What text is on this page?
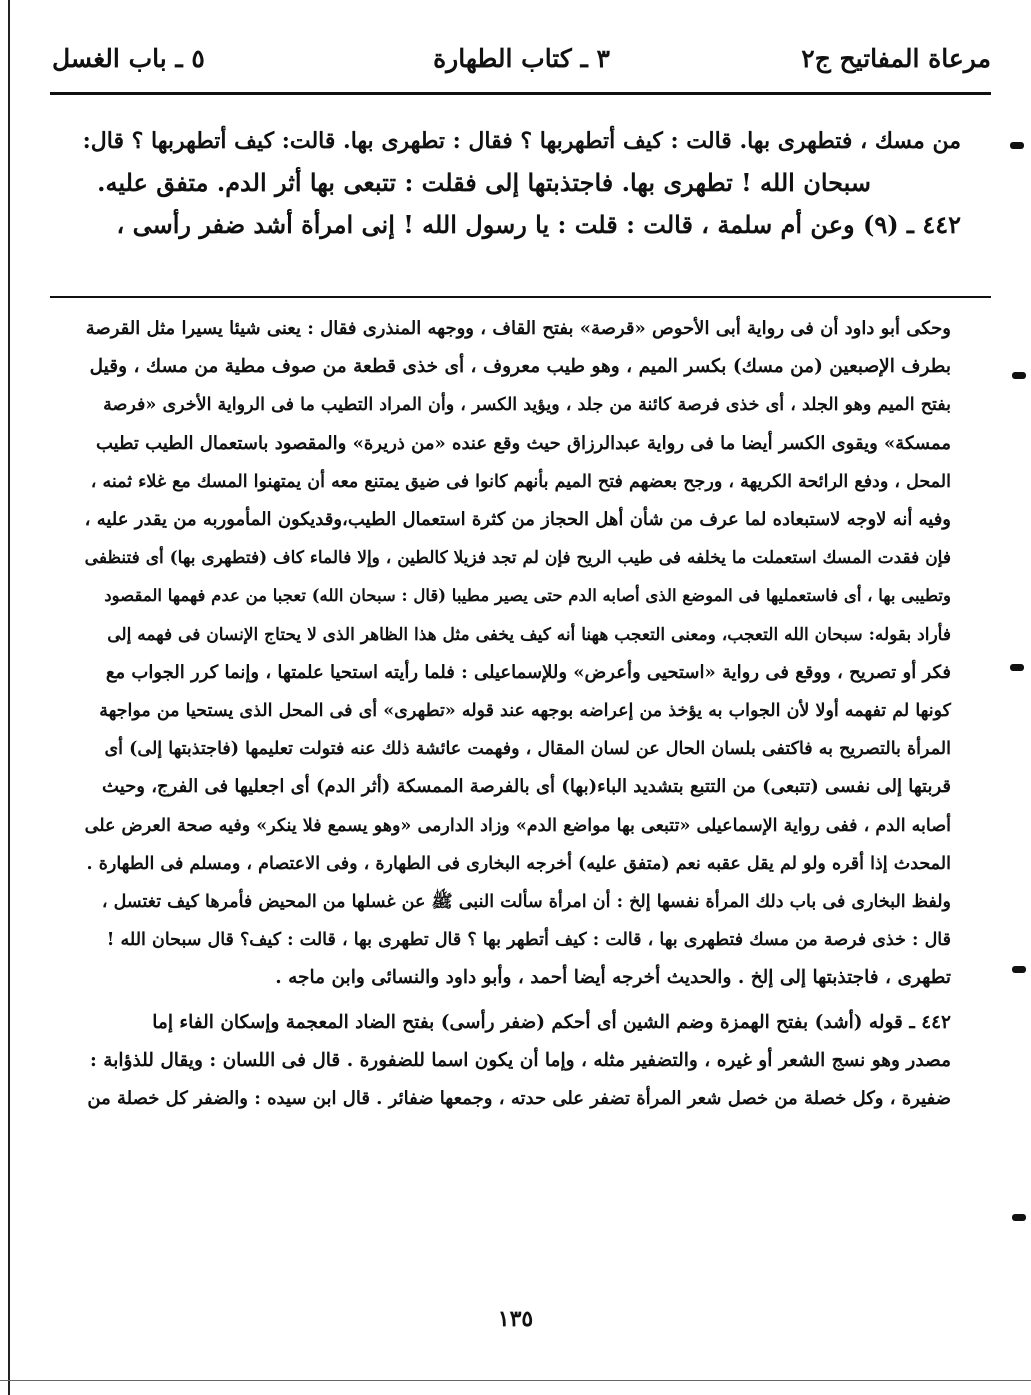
مرعاة المفاتيح ج٢
٣ ـ كتاب الطهارة
٥ ـ باب الغسل

من مسك ، فتطهرى بها. قالت : كيف أتطهربها ؟ فقال : تطهرى بها. قالت: كيف أتطهربها ؟ قال:

سبحان الله ! تطهرى بها. فاجتذبتها إلى فقلت : تتبعى بها أثر الدم. متفق عليه.

٤٤٢ ـ (٩) وعن أم سلمة ، قالت : قلت : يا رسول الله ! إنى امرأة أشد ضفر رأسى ،

وحكى أبو داود أن فى رواية أبى الأحوص «قرصة» بفتح القاف ، ووجهه المنذرى فقال : يعنى شيئا يسيرا مثل القرصة

بطرف الإصبعين (من مسك) بكسر الميم ، وهو طيب معروف ، أى خذى قطعة من صوف مطية من مسك ، وقيل

بفتح الميم وهو الجلد ، أى خذى فرصة كائنة من جلد ، ويؤيد الكسر ، وأن المراد التطيب ما فى الرواية الأخرى «فرصة

ممسكة» ويقوى الكسر أيضا ما فى رواية عبدالرزاق حيث وقع عنده «من ذريرة» والمقصود باستعمال الطيب تطيب

المحل ، ودفع الرائحة الكريهة ، ورجح بعضهم فتح الميم بأنهم كانوا فى ضيق يمتنع معه أن يمتهنوا المسك مع غلاء ثمنه ،

وفيه أنه لاوجه لاستبعاده لما عرف من شأن أهل الحجاز من كثرة استعمال الطيب،وقديكون المأموربه من يقدر عليه ،

فإن فقدت المسك استعملت ما يخلفه فى طيب الريح فإن لم تجد فزيلا كالطين ، وإلا فالماء كاف (فتطهرى بها) أى فتنظفى

وتطيبى بها ، أى فاستعمليها فى الموضع الذى أصابه الدم حتى يصير مطيبا (قال : سبحان الله) تعجبا من عدم فهمها المقصود

فأراد بقوله: سبحان الله التعجب، ومعنى التعجب ههنا أنه كيف يخفى مثل هذا الظاهر الذى لا يحتاج الإنسان فى فهمه إلى

فكر أو تصريح ، ووقع فى رواية «استحيى وأعرض» وللإسماعيلى : فلما رأيته استحيا علمتها ، وإنما كرر الجواب مع

كونها لم تفهمه أولا لأن الجواب به يؤخذ من إعراضه بوجهه عند قوله «تطهرى» أى فى المحل الذى يستحيا من مواجهة

المرأة بالتصريح به فاكتفى بلسان الحال عن لسان المقال ، وفهمت عائشة ذلك عنه فتولت تعليمها (فاجتذبتها إلى) أى

قربتها إلى نفسى (تتبعى) من التتبع بتشديد الباء(بها) أى بالفرصة الممسكة (أثر الدم) أى اجعليها فى الفرج، وحيث

أصابه الدم ، ففى رواية الإسماعيلى «تتبعى بها مواضع الدم» وزاد الدارمى «وهو يسمع فلا ينكر» وفيه صحة العرض على

المحدث إذا أقره ولو لم يقل عقبه نعم (متفق عليه) أخرجه البخارى فى الطهارة ، وفى الاعتصام ، ومسلم فى الطهارة .

ولفظ البخارى فى باب دلك المرأة نفسها إلخ : أن امرأة سألت النبى ﷺ عن غسلها من المحيض فأمرها كيف تغتسل ،

قال : خذى فرصة من مسك فتطهرى بها ، قالت : كيف أتطهر بها ؟ قال تطهرى بها ، قالت : كيف؟ قال سبحان الله !

تطهرى ، فاجتذبتها إلى إلخ . والحديث أخرجه أيضا أحمد ، وأبو داود والنسائى وابن ماجه .

٤٤٢ ـ قوله (أشد) بفتح الهمزة وضم الشين أى أحكم (ضفر رأسى) بفتح الضاد المعجمة وإسكان الفاء إما

مصدر وهو نسج الشعر أو غيره ، والتضفير مثله ، وإما أن يكون اسما للضفورة . قال فى اللسان : ويقال للذؤابة :

ضفيرة ، وكل خصلة من خصل شعر المرأة تضفر على حدته ، وجمعها ضفائر . قال ابن سيده : والضفر كل خصلة من

١٣٥
